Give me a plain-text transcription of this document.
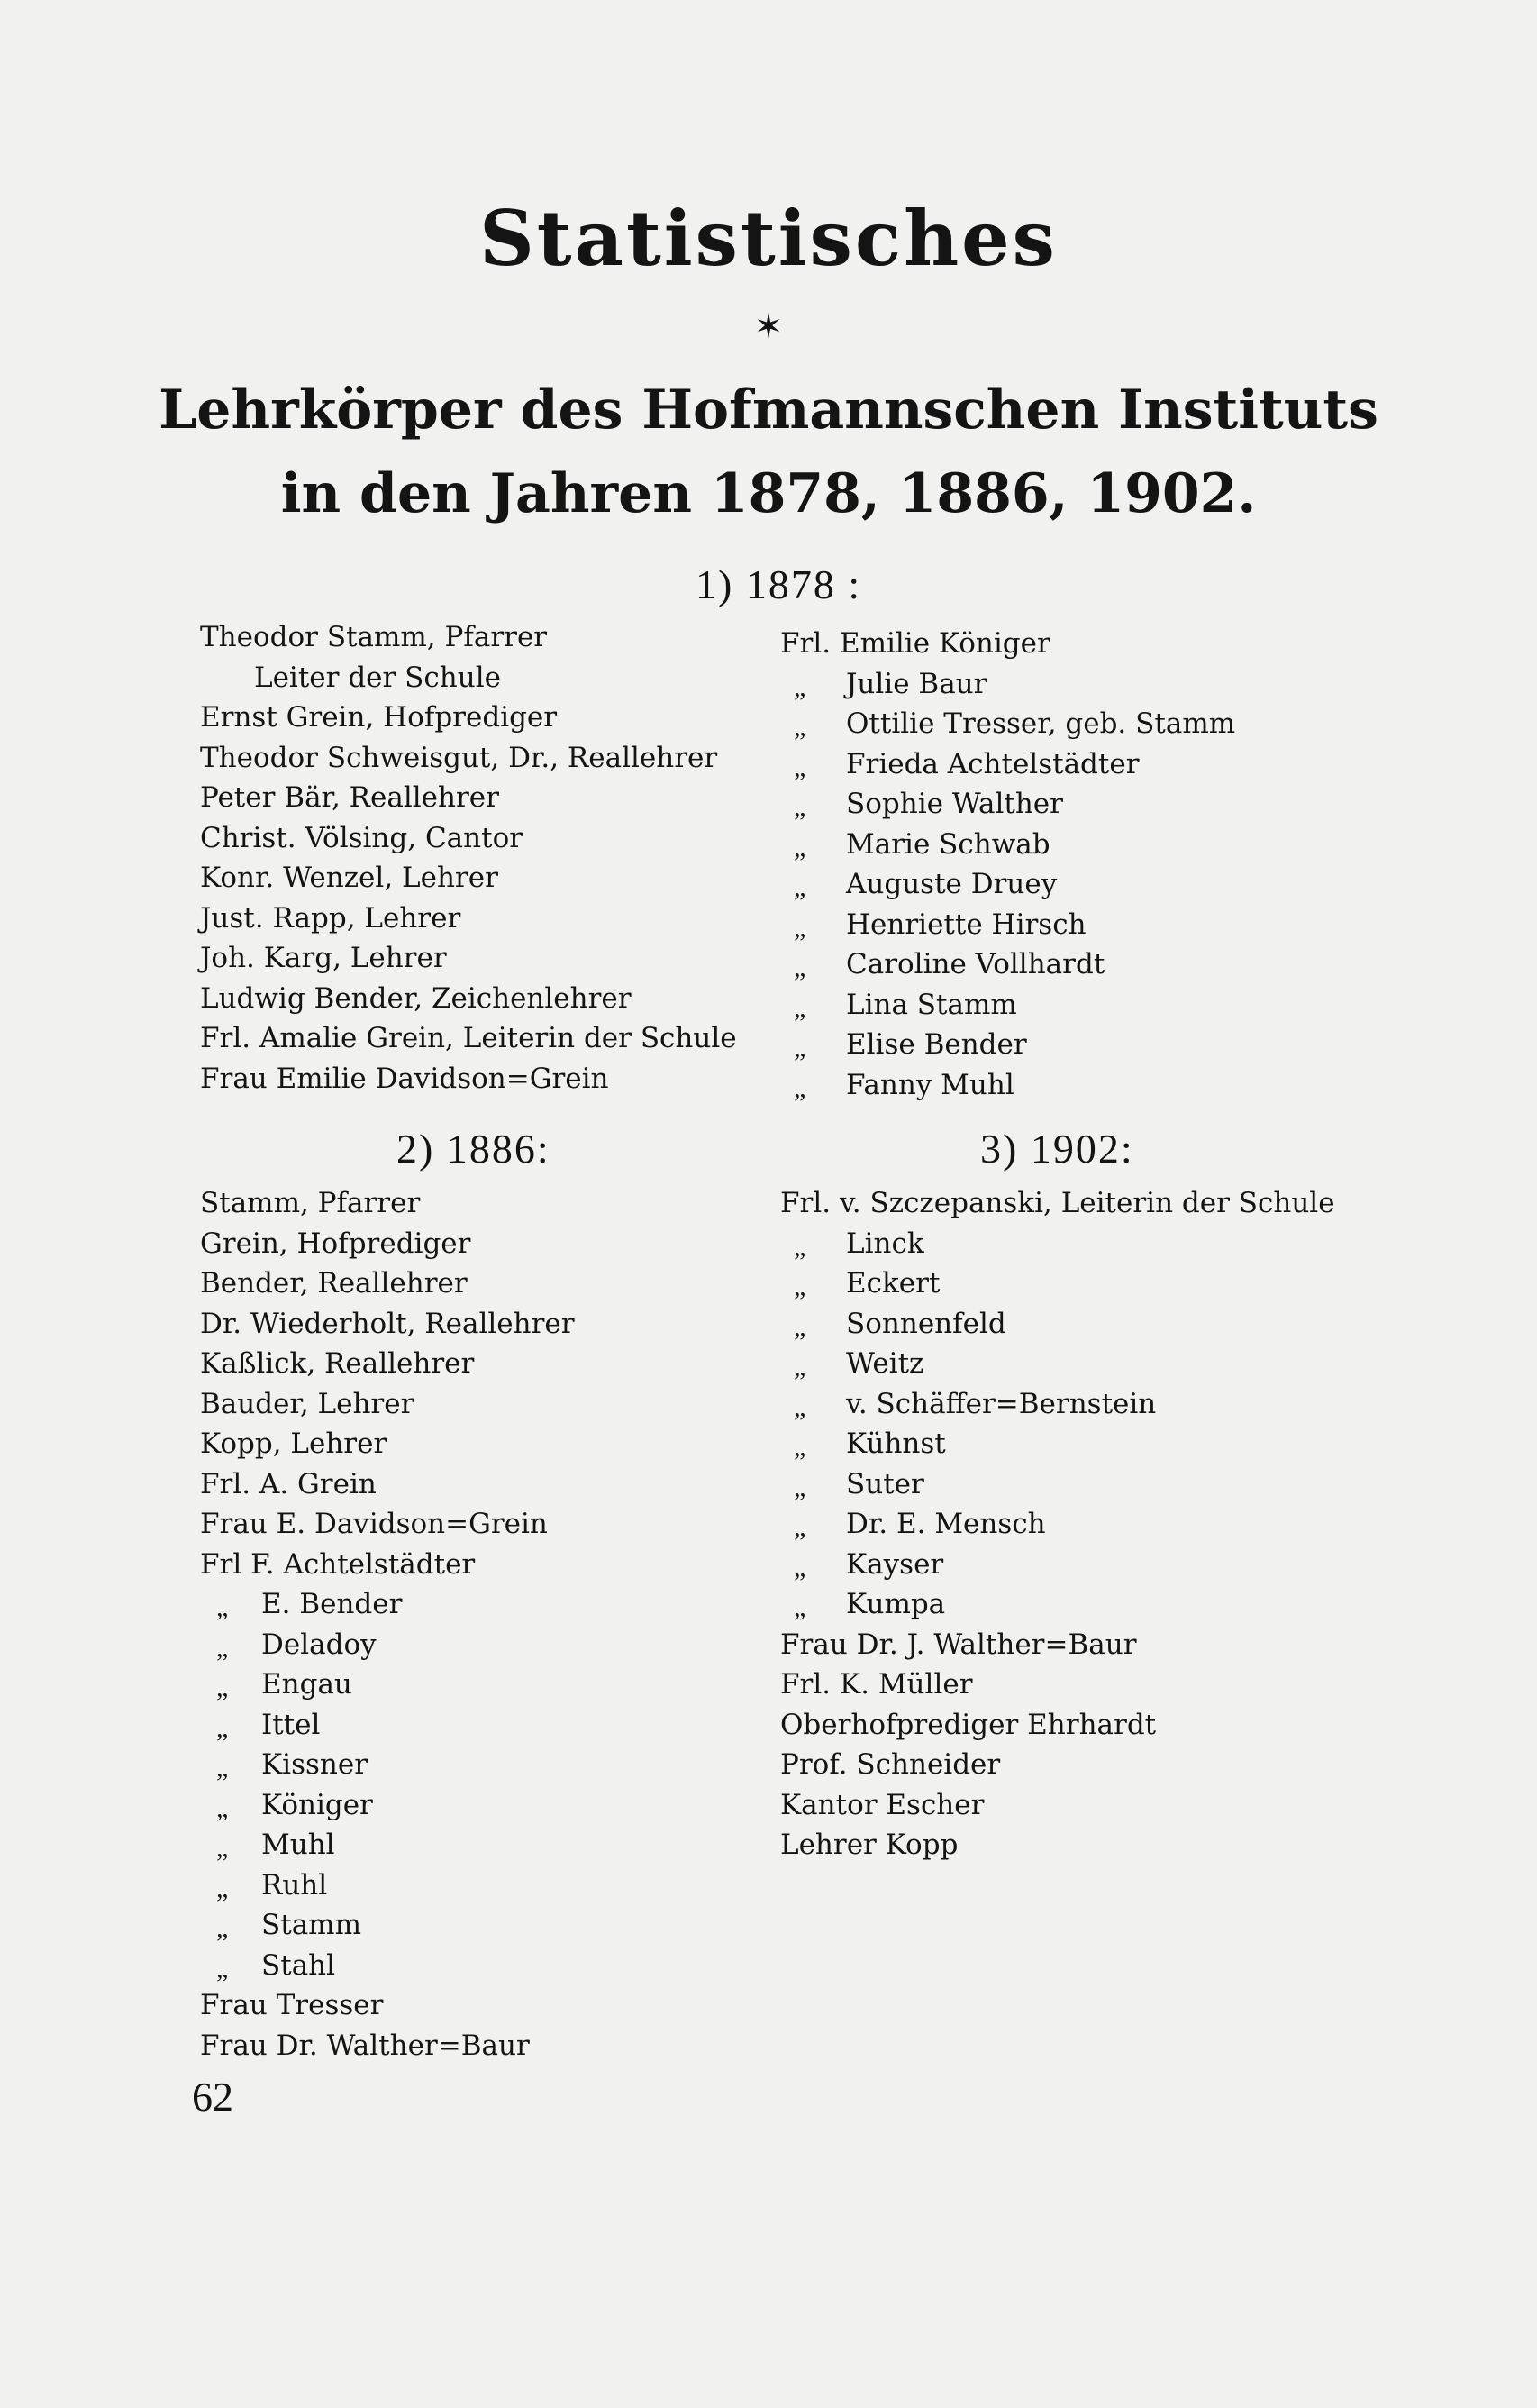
Statistisches
✶
Lehrkörper des Hofmannschen Instituts
in den Jahren 1878, 1886, 1902.
1) 1878 :
Theodor Stamm, Pfarrer
Leiter der Schule
Ernst Grein, Hofprediger
Theodor Schweisgut, Dr., Reallehrer
Peter Bär, Reallehrer
Christ. Völsing, Cantor
Konr. Wenzel, Lehrer
Just. Rapp, Lehrer
Joh. Karg, Lehrer
Ludwig Bender, Zeichenlehrer
Frl. Amalie Grein, Leiterin der Schule
Frau Emilie Davidson=Grein
Frl. Emilie Königer
„ Julie Baur
„ Ottilie Tresser, geb. Stamm
„ Frieda Achtelstädter
„ Sophie Walther
„ Marie Schwab
„ Auguste Druey
„ Henriette Hirsch
„ Caroline Vollhardt
„ Lina Stamm
„ Elise Bender
„ Fanny Muhl
2) 1886:
Stamm, Pfarrer
Grein, Hofprediger
Bender, Reallehrer
Dr. Wiederholt, Reallehrer
Kaßlick, Reallehrer
Bauder, Lehrer
Kopp, Lehrer
Frl. A. Grein
Frau E. Davidson=Grein
Frl F. Achtelstädter
„ E. Bender
„ Deladoy
„ Engau
„ Ittel
„ Kissner
„ Königer
„ Muhl
„ Ruhl
„ Stamm
„ Stahl
Frau Tresser
Frau Dr. Walther=Baur
3) 1902:
Frl. v. Szczepanski, Leiterin der Schule
„ Linck
„ Eckert
„ Sonnenfeld
„ Weitz
„ v. Schäffer=Bernstein
„ Kühnst
„ Suter
„ Dr. E. Mensch
„ Kayser
„ Kumpa
Frau Dr. J. Walther=Baur
Frl. K. Müller
Oberhofprediger Ehrhardt
Prof. Schneider
Kantor Escher
Lehrer Kopp
62
